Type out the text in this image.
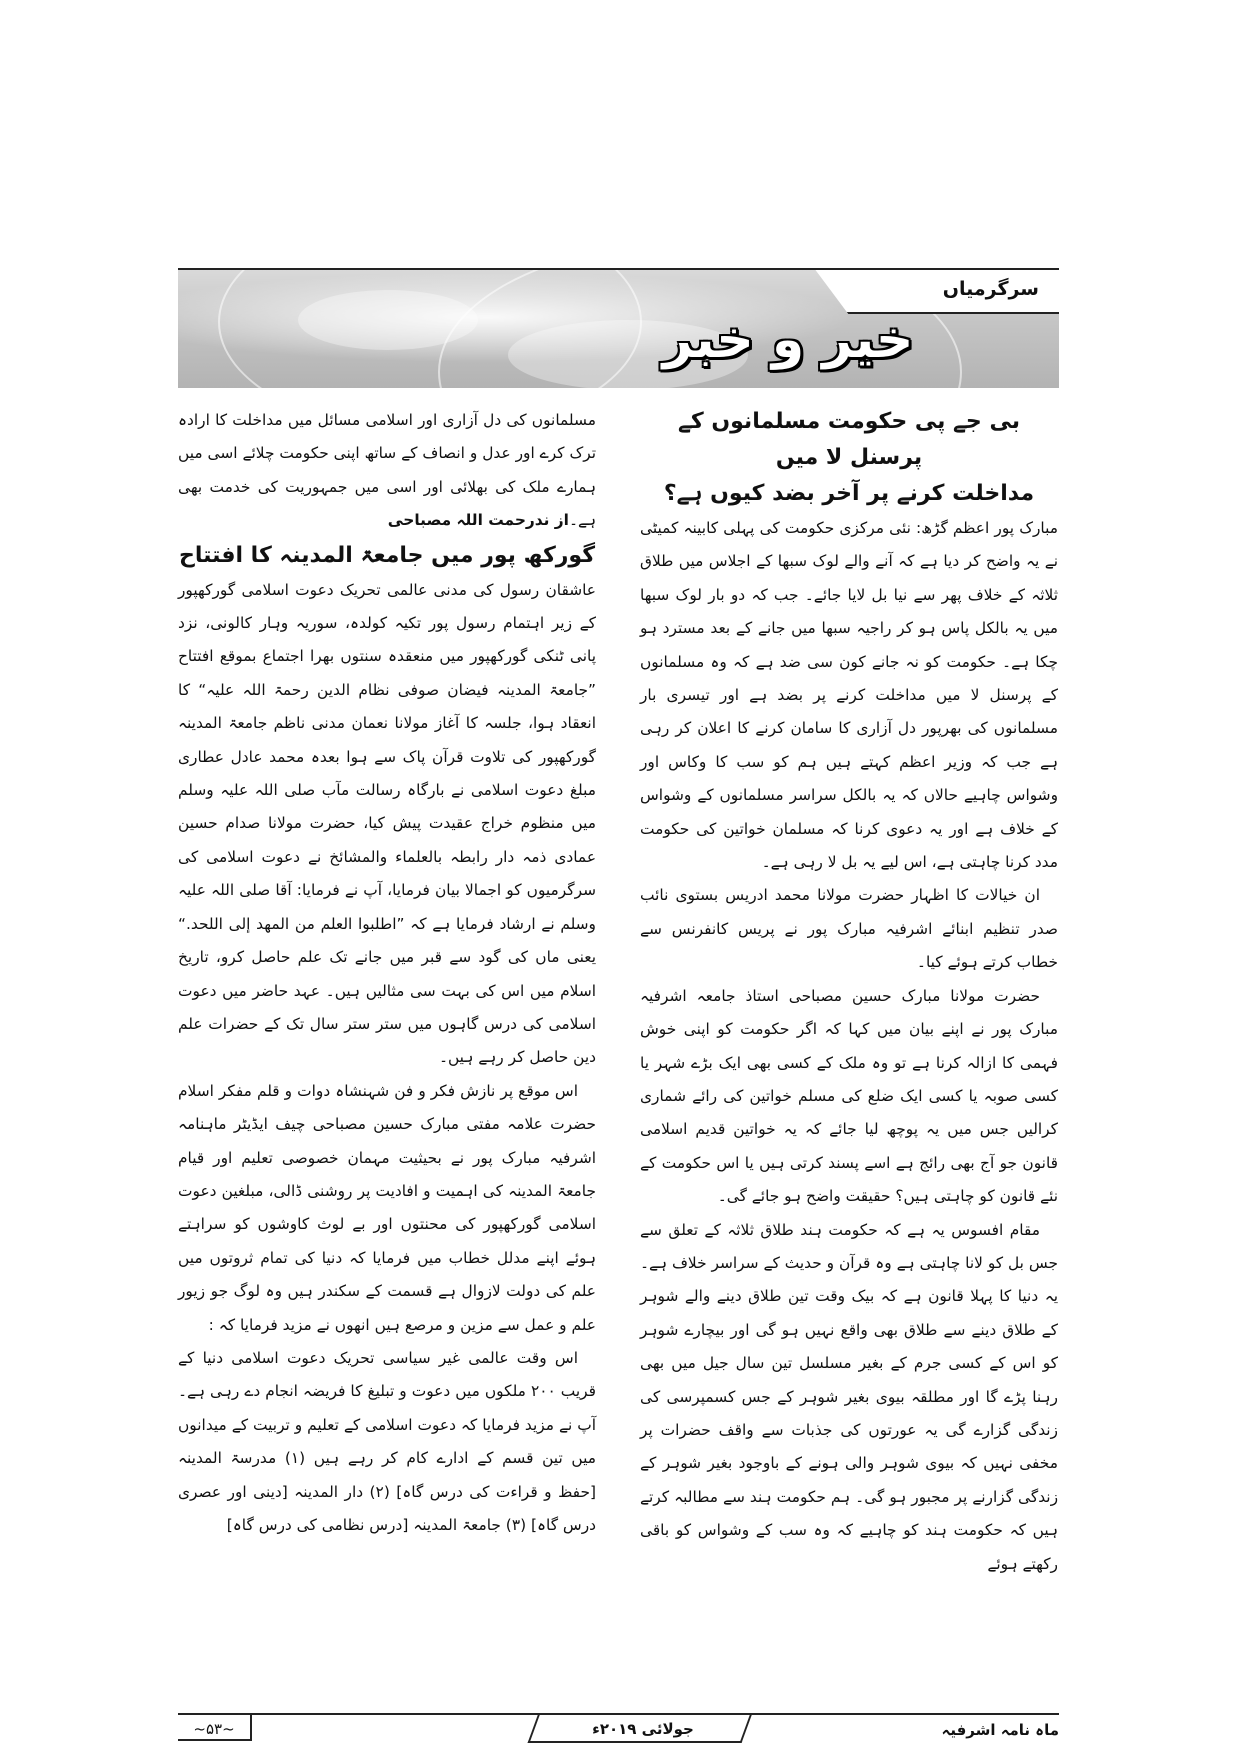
سرگرمیاں
خیر و خبر

بی جے پی حکومت مسلمانوں کے پرسنل لا میں

مداخلت کرنے پر آخر بضد کیوں ہے؟

مبارک پور اعظم گڑھ: نئی مرکزی حکومت کی پہلی کابینہ کمیٹی نے یہ واضح کر دیا ہے کہ آنے والے لوک سبھا کے اجلاس میں طلاق ثلاثہ کے خلاف پھر سے نیا بل لایا جائے۔ جب کہ دو بار لوک سبھا میں یہ بالکل پاس ہو کر راجیہ سبھا میں جانے کے بعد مسترد ہو چکا ہے۔ حکومت کو نہ جانے کون سی ضد ہے کہ وہ مسلمانوں کے پرسنل لا میں مداخلت کرنے پر بضد ہے اور تیسری بار مسلمانوں کی بھرپور دل آزاری کا سامان کرنے کا اعلان کر رہی ہے جب کہ وزیر اعظم کہتے ہیں ہم کو سب کا وکاس اور وشواس چاہیے حالاں کہ یہ بالکل سراسر مسلمانوں کے وشواس کے خلاف ہے اور یہ دعوی کرنا کہ مسلمان خواتین کی حکومت مدد کرنا چاہتی ہے، اس لیے یہ بل لا رہی ہے۔

ان خیالات کا اظہار حضرت مولانا محمد ادریس بستوی نائب صدر تنظیم ابنائے اشرفیہ مبارک پور نے پریس کانفرنس سے خطاب کرتے ہوئے کیا۔

حضرت مولانا مبارک حسین مصباحی استاذ جامعہ اشرفیہ مبارک پور نے اپنے بیان میں کہا کہ اگر حکومت کو اپنی خوش فہمی کا ازالہ کرنا ہے تو وہ ملک کے کسی بھی ایک بڑے شہر یا کسی صوبہ یا کسی ایک ضلع کی مسلم خواتین کی رائے شماری کرالیں جس میں یہ پوچھ لیا جائے کہ یہ خواتین قدیم اسلامی قانون جو آج بھی رائج ہے اسے پسند کرتی ہیں یا اس حکومت کے نئے قانون کو چاہتی ہیں؟ حقیقت واضح ہو جائے گی۔

مقام افسوس یہ ہے کہ حکومت ہند طلاق ثلاثہ کے تعلق سے جس بل کو لانا چاہتی ہے وہ قرآن و حدیث کے سراسر خلاف ہے۔ یہ دنیا کا پہلا قانون ہے کہ بیک وقت تین طلاق دینے والے شوہر کے طلاق دینے سے طلاق بھی واقع نہیں ہو گی اور بیچارے شوہر کو اس کے کسی جرم کے بغیر مسلسل تین سال جیل میں بھی رہنا پڑے گا اور مطلقہ بیوی بغیر شوہر کے جس کسمپرسی کی زندگی گزارے گی یہ عورتوں کی جذبات سے واقف حضرات پر مخفی نہیں کہ بیوی شوہر والی ہونے کے باوجود بغیر شوہر کے زندگی گزارنے پر مجبور ہو گی۔ ہم حکومت ہند سے مطالبہ کرتے ہیں کہ حکومت ہند کو چاہیے کہ وہ سب کے وشواس کو باقی رکھتے ہوئے

مسلمانوں کی دل آزاری اور اسلامی مسائل میں مداخلت کا ارادہ ترک کرے اور عدل و انصاف کے ساتھ اپنی حکومت چلائے اسی میں ہمارے ملک کی بھلائی اور اسی میں جمہوریت کی خدمت بھی ہے۔از ندرحمت اللہ مصباحی

گورکھ پور میں جامعۃ المدینہ کا افتتاح

عاشقان رسول کی مدنی عالمی تحریک دعوت اسلامی گورکھپور کے زیر اہتمام رسول پور تکیہ کولدہ، سوریہ وہار کالونی، نزد پانی ٹنکی گورکھپور میں منعقدہ سنتوں بھرا اجتماع بموقع افتتاح ”جامعۃ المدینہ فیضان صوفی نظام الدین رحمۃ اللہ علیہ“ کا انعقاد ہوا، جلسہ کا آغاز مولانا نعمان مدنی ناظم جامعۃ المدینہ گورکھپور کی تلاوت قرآن پاک سے ہوا بعدہ محمد عادل عطاری مبلغ دعوت اسلامی نے بارگاہ رسالت مآب صلی اللہ علیہ وسلم میں منظوم خراج عقیدت پیش کیا، حضرت مولانا صدام حسین عمادی ذمہ دار رابطہ بالعلماء والمشائخ نے دعوت اسلامی کی سرگرمیوں کو اجمالا بیان فرمایا، آپ نے فرمایا: آقا صلی اللہ علیہ وسلم نے ارشاد فرمایا ہے کہ ”اطلبوا العلم من المهد إلى اللحد.“ یعنی ماں کی گود سے قبر میں جانے تک علم حاصل کرو، تاریخ اسلام میں اس کی بہت سی مثالیں ہیں۔ عہد حاضر میں دعوت اسلامی کی درس گاہوں میں ستر ستر سال تک کے حضرات علم دین حاصل کر رہے ہیں۔

اس موقع پر نازش فکر و فن شہنشاہ دوات و قلم مفکر اسلام حضرت علامہ مفتی مبارک حسین مصباحی چیف ایڈیٹر ماہنامہ اشرفیہ مبارک پور نے بحیثیت مہمان خصوصی تعلیم اور قیام جامعۃ المدینہ کی اہمیت و افادیت پر روشنی ڈالی، مبلغین دعوت اسلامی گورکھپور کی محنتوں اور بے لوث کاوشوں کو سراہتے ہوئے اپنے مدلل خطاب میں فرمایا کہ دنیا کی تمام ثروتوں میں علم کی دولت لازوال ہے قسمت کے سکندر ہیں وہ لوگ جو زیور علم و عمل سے مزین و مرصع ہیں انھوں نے مزید فرمایا کہ :

اس وقت عالمی غیر سیاسی تحریک دعوت اسلامی دنیا کے قریب ۲۰۰ ملکوں میں دعوت و تبلیغ کا فریضہ انجام دے رہی ہے۔ آپ نے مزید فرمایا کہ دعوت اسلامی کے تعلیم و تربیت کے میدانوں میں تین قسم کے ادارے کام کر رہے ہیں (۱) مدرسۃ المدینہ [حفظ و قراءت کی درس گاہ] (۲) دار المدینہ [دینی اور عصری درس گاہ] (۳) جامعۃ المدینہ [درس نظامی کی درس گاہ]

ماہ نامہ اشرفیہ
جولائی ۲۰۱۹ء
~۵۳~
